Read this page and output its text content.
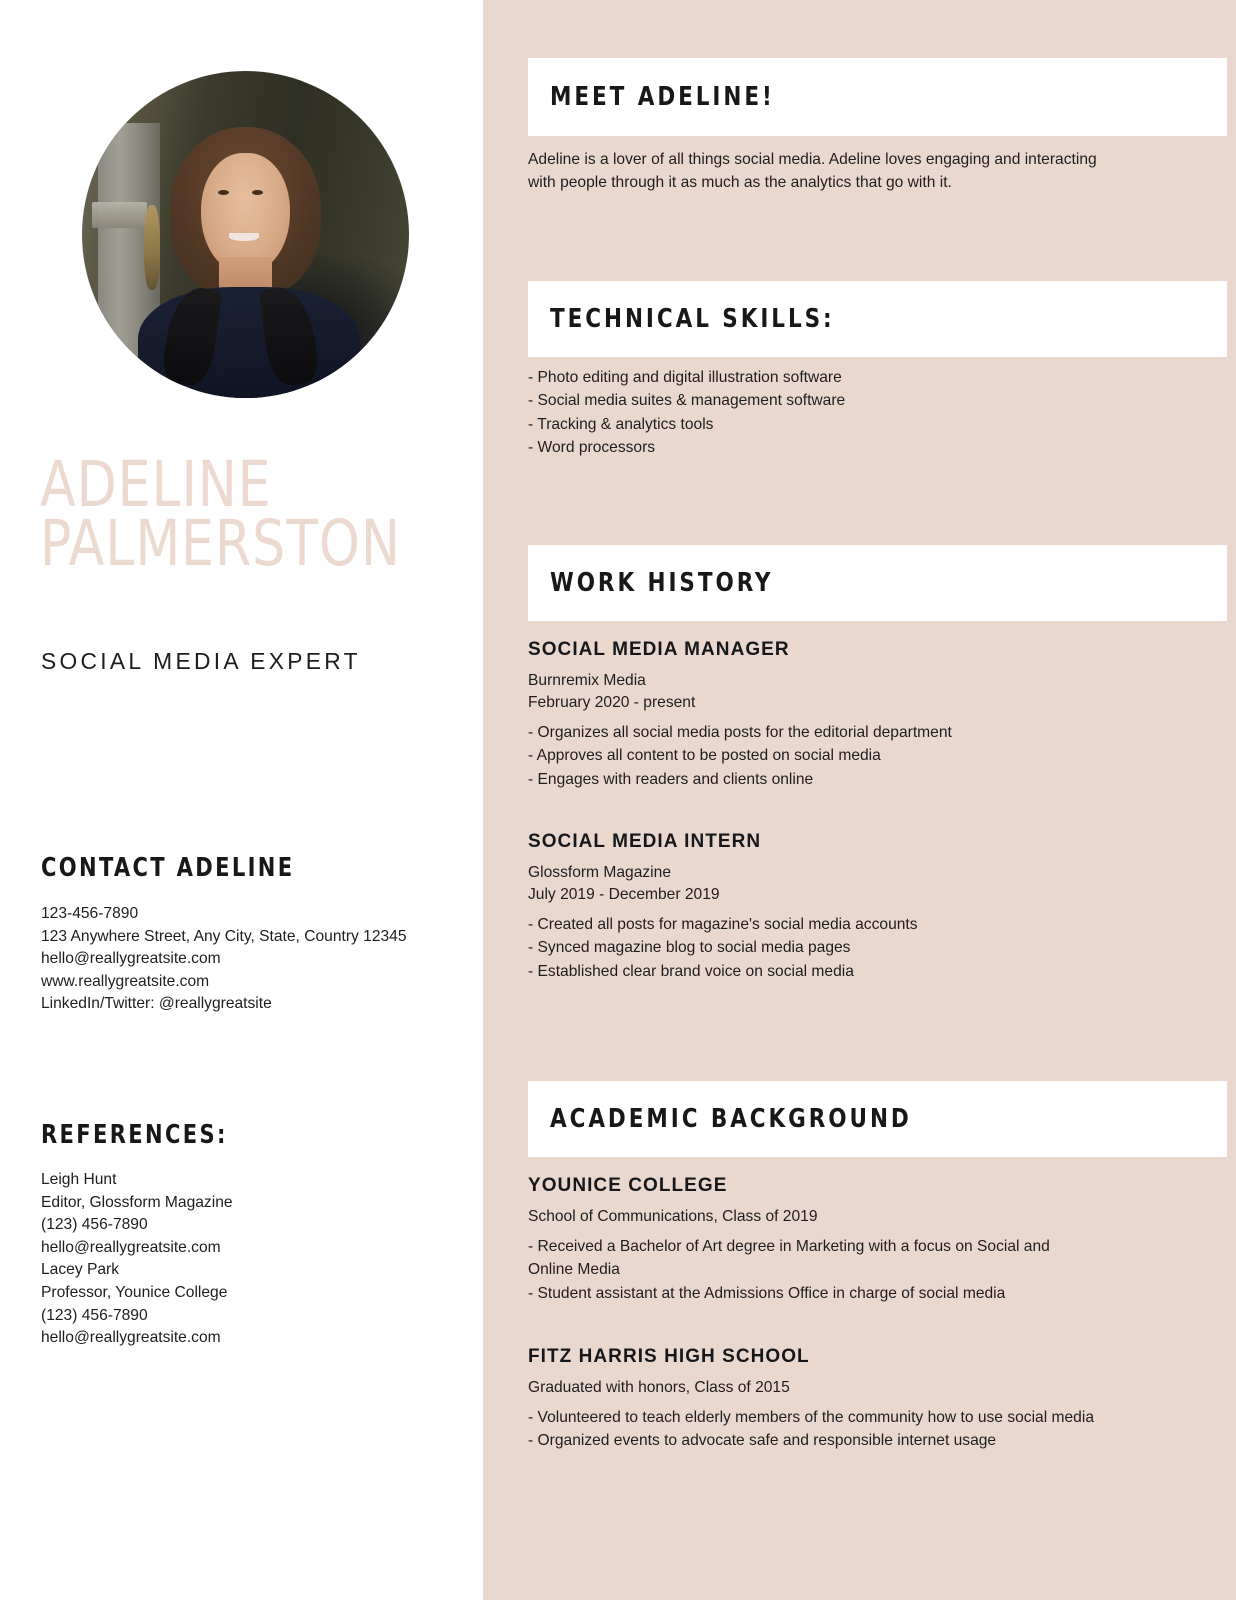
ADELINE
PALMERSTON
SOCIAL MEDIA EXPERT
CONTACT ADELINE
123-456-7890
123 Anywhere Street, Any City, State, Country 12345
hello@reallygreatsite.com
www.reallygreatsite.com
LinkedIn/Twitter: @reallygreatsite
REFERENCES:
Leigh Hunt
Editor, Glossform Magazine
(123) 456-7890
hello@reallygreatsite.com
Lacey Park
Professor, Younice College
(123) 456-7890
hello@reallygreatsite.com
MEET ADELINE!
Adeline is a lover of all things social media. Adeline loves engaging and interacting with people through it as much as the analytics that go with it.
TECHNICAL SKILLS:
- Photo editing and digital illustration software
- Social media suites & management software
- Tracking & analytics tools
- Word processors
WORK HISTORY
SOCIAL MEDIA MANAGER
Burnremix Media
February 2020 - present
- Organizes all social media posts for the editorial department
- Approves all content to be posted on social media
- Engages with readers and clients online
SOCIAL MEDIA INTERN
Glossform Magazine
July 2019 - December 2019
- Created all posts for magazine's social media accounts
- Synced magazine blog to social media pages
- Established clear brand voice on social media
ACADEMIC BACKGROUND
YOUNICE COLLEGE
School of Communications, Class of 2019
- Received a Bachelor of Art degree in Marketing with a focus on Social and Online Media
- Student assistant at the Admissions Office in charge of social media
FITZ HARRIS HIGH SCHOOL
Graduated with honors, Class of 2015
- Volunteered to teach elderly members of the community how to use social media
- Organized events to advocate safe and responsible internet usage
